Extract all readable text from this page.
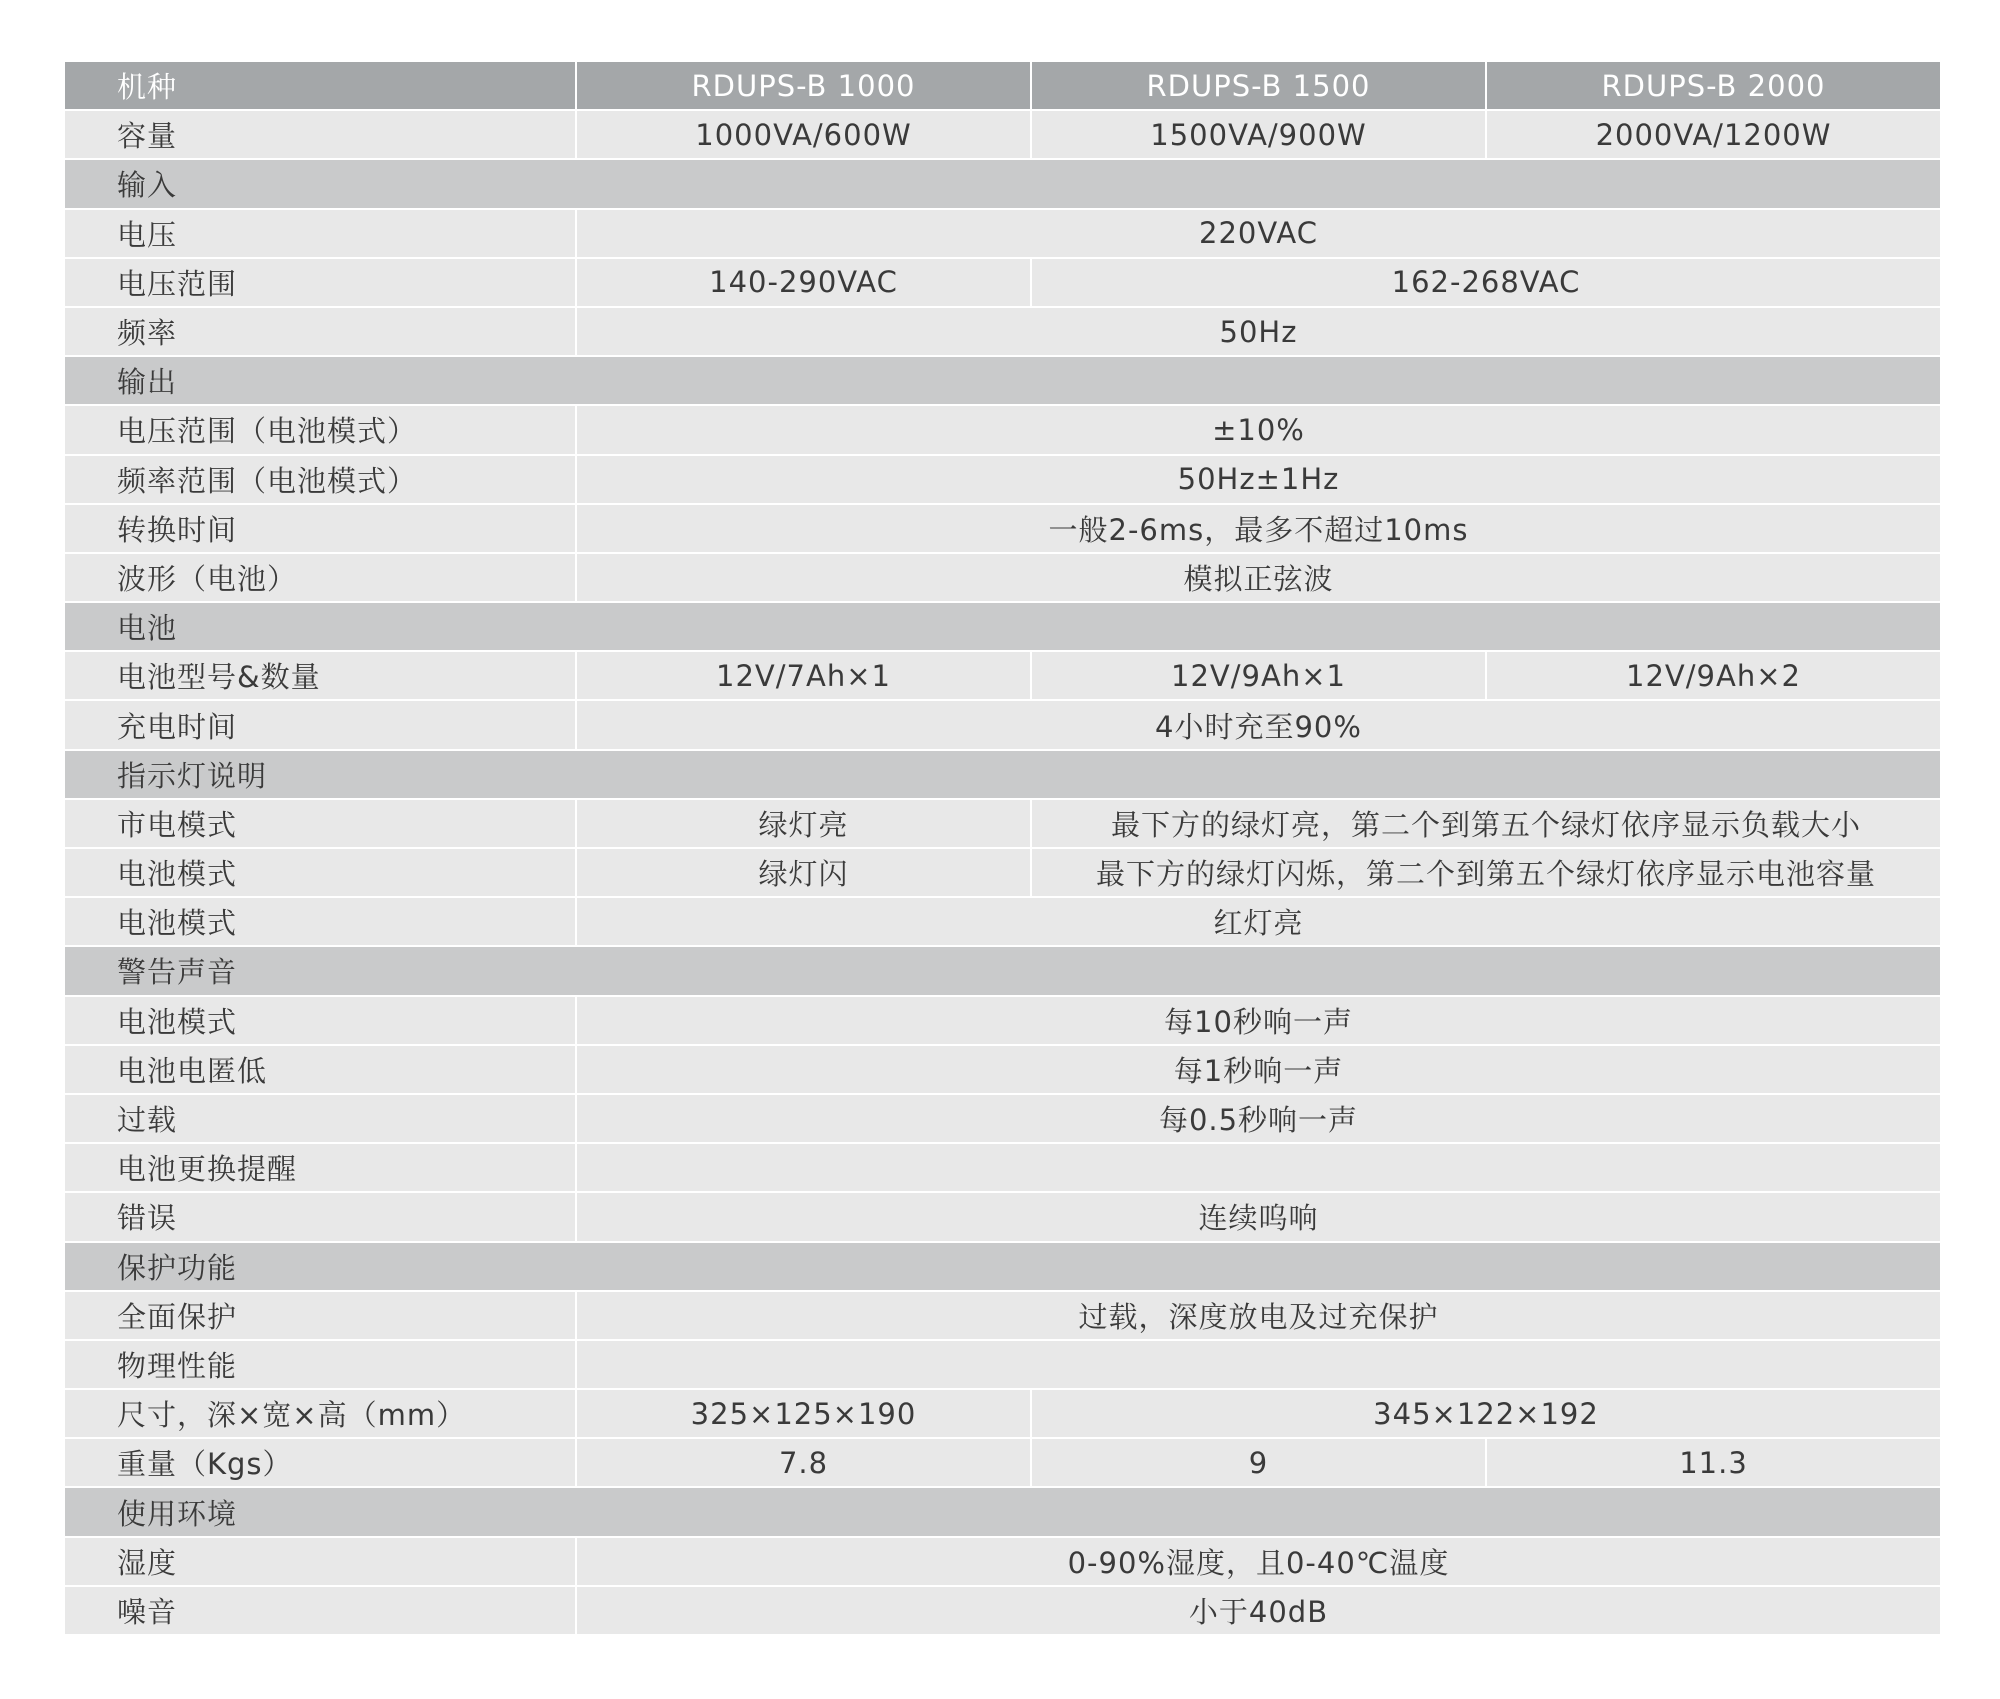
机种	RDUPS-B 1000	RDUPS-B 1500	RDUPS-B 2000
容量	1000VA/600W	1500VA/900W	2000VA/1200W
输入			
电压	220VAC		
电压范围	140-290VAC	162-268VAC	
频率	50Hz		
输出			
电压范围（电池模式）	±10%		
频率范围（电池模式）	50Hz±1Hz		
转换时间	一般2-6ms，最多不超过10ms		
波形（电池）	模拟正弦波		
电池			
电池型号&数量	12V/7Ah×1	12V/9Ah×1	12V/9Ah×2
充电时间	4小时充至90%		
指示灯说明			
市电模式	绿灯亮	最下方的绿灯亮，第二个到第五个绿灯依序显示负载大小	
电池模式	绿灯闪	最下方的绿灯闪烁，第二个到第五个绿灯依序显示电池容量	
电池模式	红灯亮		
警告声音			
电池模式	每10秒响一声		
电池电匿低	每1秒响一声		
过载	每0.5秒响一声		
电池更换提醒			
错误	连续呜响		
保护功能			
全面保护	过载，深度放电及过充保护		
物理性能			
尺寸，深×宽×高（mm）	325×125×190	345×122×192	
重量（Kgs）	7.8	9	11.3
使用环境			
湿度	0-90%湿度，且0-40℃温度		
噪音	小于40dB		
